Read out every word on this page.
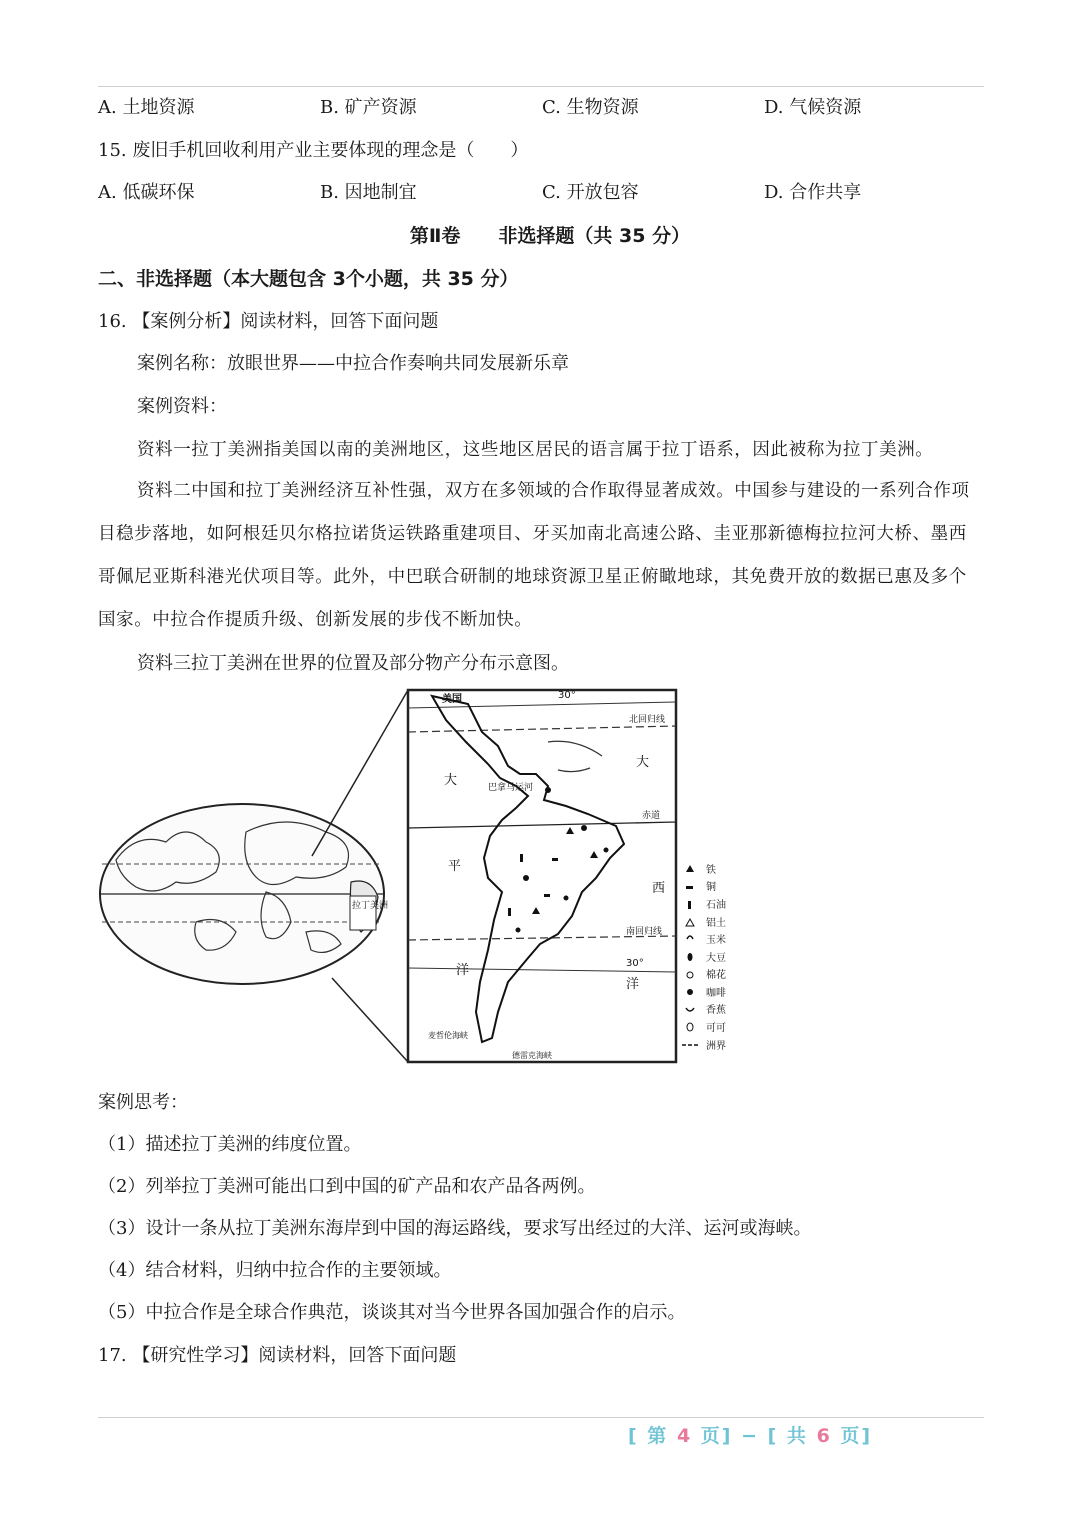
A. 土地资源	B. 矿产资源	C. 生物资源	D. 气候资源
15. 废旧手机回收利用产业主要体现的理念是（　　）
A. 低碳环保	B. 因地制宜	C. 开放包容	D. 合作共享
第Ⅱ卷　　非选择题（共 35 分）
二、非选择题（本大题包含 3个小题，共 35 分）
16. 【案例分析】阅读材料，回答下面问题
案例名称：放眼世界——中拉合作奏响共同发展新乐章
案例资料：
资料一拉丁美洲指美国以南的美洲地区，这些地区居民的语言属于拉丁语系，因此被称为拉丁美洲。
资料二中国和拉丁美洲经济互补性强，双方在多领域的合作取得显著成效。中国参与建设的一系列合作项目稳步落地，如阿根廷贝尔格拉诺货运铁路重建项目、牙买加南北高速公路、圭亚那新德梅拉拉河大桥、墨西哥佩尼亚斯科港光伏项目等。此外，中巴联合研制的地球资源卫星正俯瞰地球，其免费开放的数据已惠及多个国家。中拉合作提质升级、创新发展的步伐不断加快。
资料三拉丁美洲在世界的位置及部分物产分布示意图。
拉丁美洲
美国	30°
北回归线
巴拿马运河
赤道
南回归线
30°
麦哲伦海峡
德雷克海峡
大
平
洋
大
西
洋
铁
铜
石油
铝土
玉米
大豆
棉花
咖啡
香蕉
可可
洲界
案例思考：
（1）描述拉丁美洲的纬度位置。
（2）列举拉丁美洲可能出口到中国的矿产品和农产品各两例。
（3）设计一条从拉丁美洲东海岸到中国的海运路线，要求写出经过的大洋、运河或海峡。
（4）结合材料，归纳中拉合作的主要领域。
（5）中拉合作是全球合作典范，谈谈其对当今世界各国加强合作的启示。
17. 【研究性学习】阅读材料，回答下面问题
[ 第 4 页] − [ 共 6 页]
